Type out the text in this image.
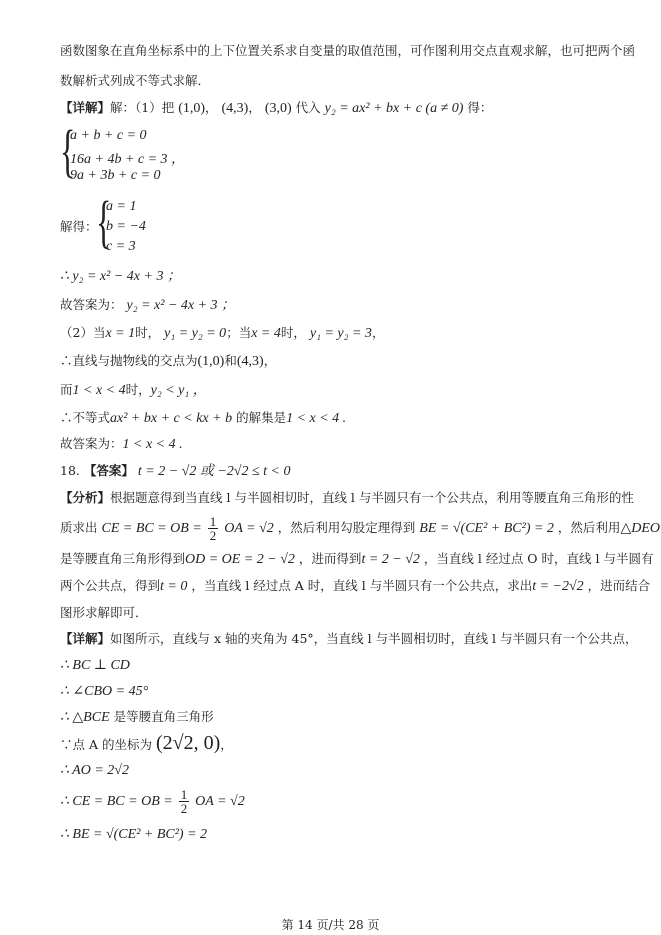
函数图象在直角坐标系中的上下位置关系求自变量的取值范围，可作图利用交点直观求解，也可把两个函
数解析式列成不等式求解．
【详解】解：（1）把 (1,0)， (4,3)， (3,0) 代入 y₂ = ax² + bx + c (a ≠ 0) 得：
{
a + b + c = 0
16a + 4b + c = 3 ，
9a + 3b + c = 0
解得：
{
a = 1
b = −4
c = 3
∴ y₂ = x² − 4x + 3 ；
故答案为： y₂ = x² − 4x + 3 ；
（2）当x = 1时， y₁ = y₂ = 0；当x = 4时， y₁ = y₂ = 3，
∴直线与抛物线的交点为(1,0)和(4,3)，
而1 < x < 4时，y₂ < y₁ ，
∴不等式ax² + bx + c < kx + b 的解集是1 < x < 4 .
故答案为：1 < x < 4 .
18. 【答案】 t = 2 − √2 或 −2√2 ≤ t < 0
【分析】根据题意得到当直线 l 与半圆相切时，直线 l 与半圆只有一个公共点，利用等腰直角三角形的性
质求出 CE = BC = OB = $\frac{1}{2}$ OA = √2 ，然后利用勾股定理得到 BE = √(CE² + BC²) = 2 ，然后利用△DEO
是等腰直角三角形得到OD = OE = 2 − √2 ，进而得到t = 2 − √2 ，当直线 l 经过点 O 时，直线 l 与半圆有
两个公共点，得到t = 0 ，当直线 l 经过点 A 时，直线 l 与半圆只有一个公共点，求出t = −2√2 ，进而结合
图形求解即可．
【详解】如图所示，直线与 x 轴的夹角为 45°，当直线 l 与半圆相切时，直线 l 与半圆只有一个公共点，
∴ BC ⊥ CD
∴ ∠CBO = 45°
∴ △BCE 是等腰直角三角形
∵点 A 的坐标为 (2√2, 0)，
∴ AO = 2√2
∴ CE = BC = OB = $\frac{1}{2}$ OA = √2
∴ BE = √(CE² + BC²) = 2
第 14 页/共 28 页
